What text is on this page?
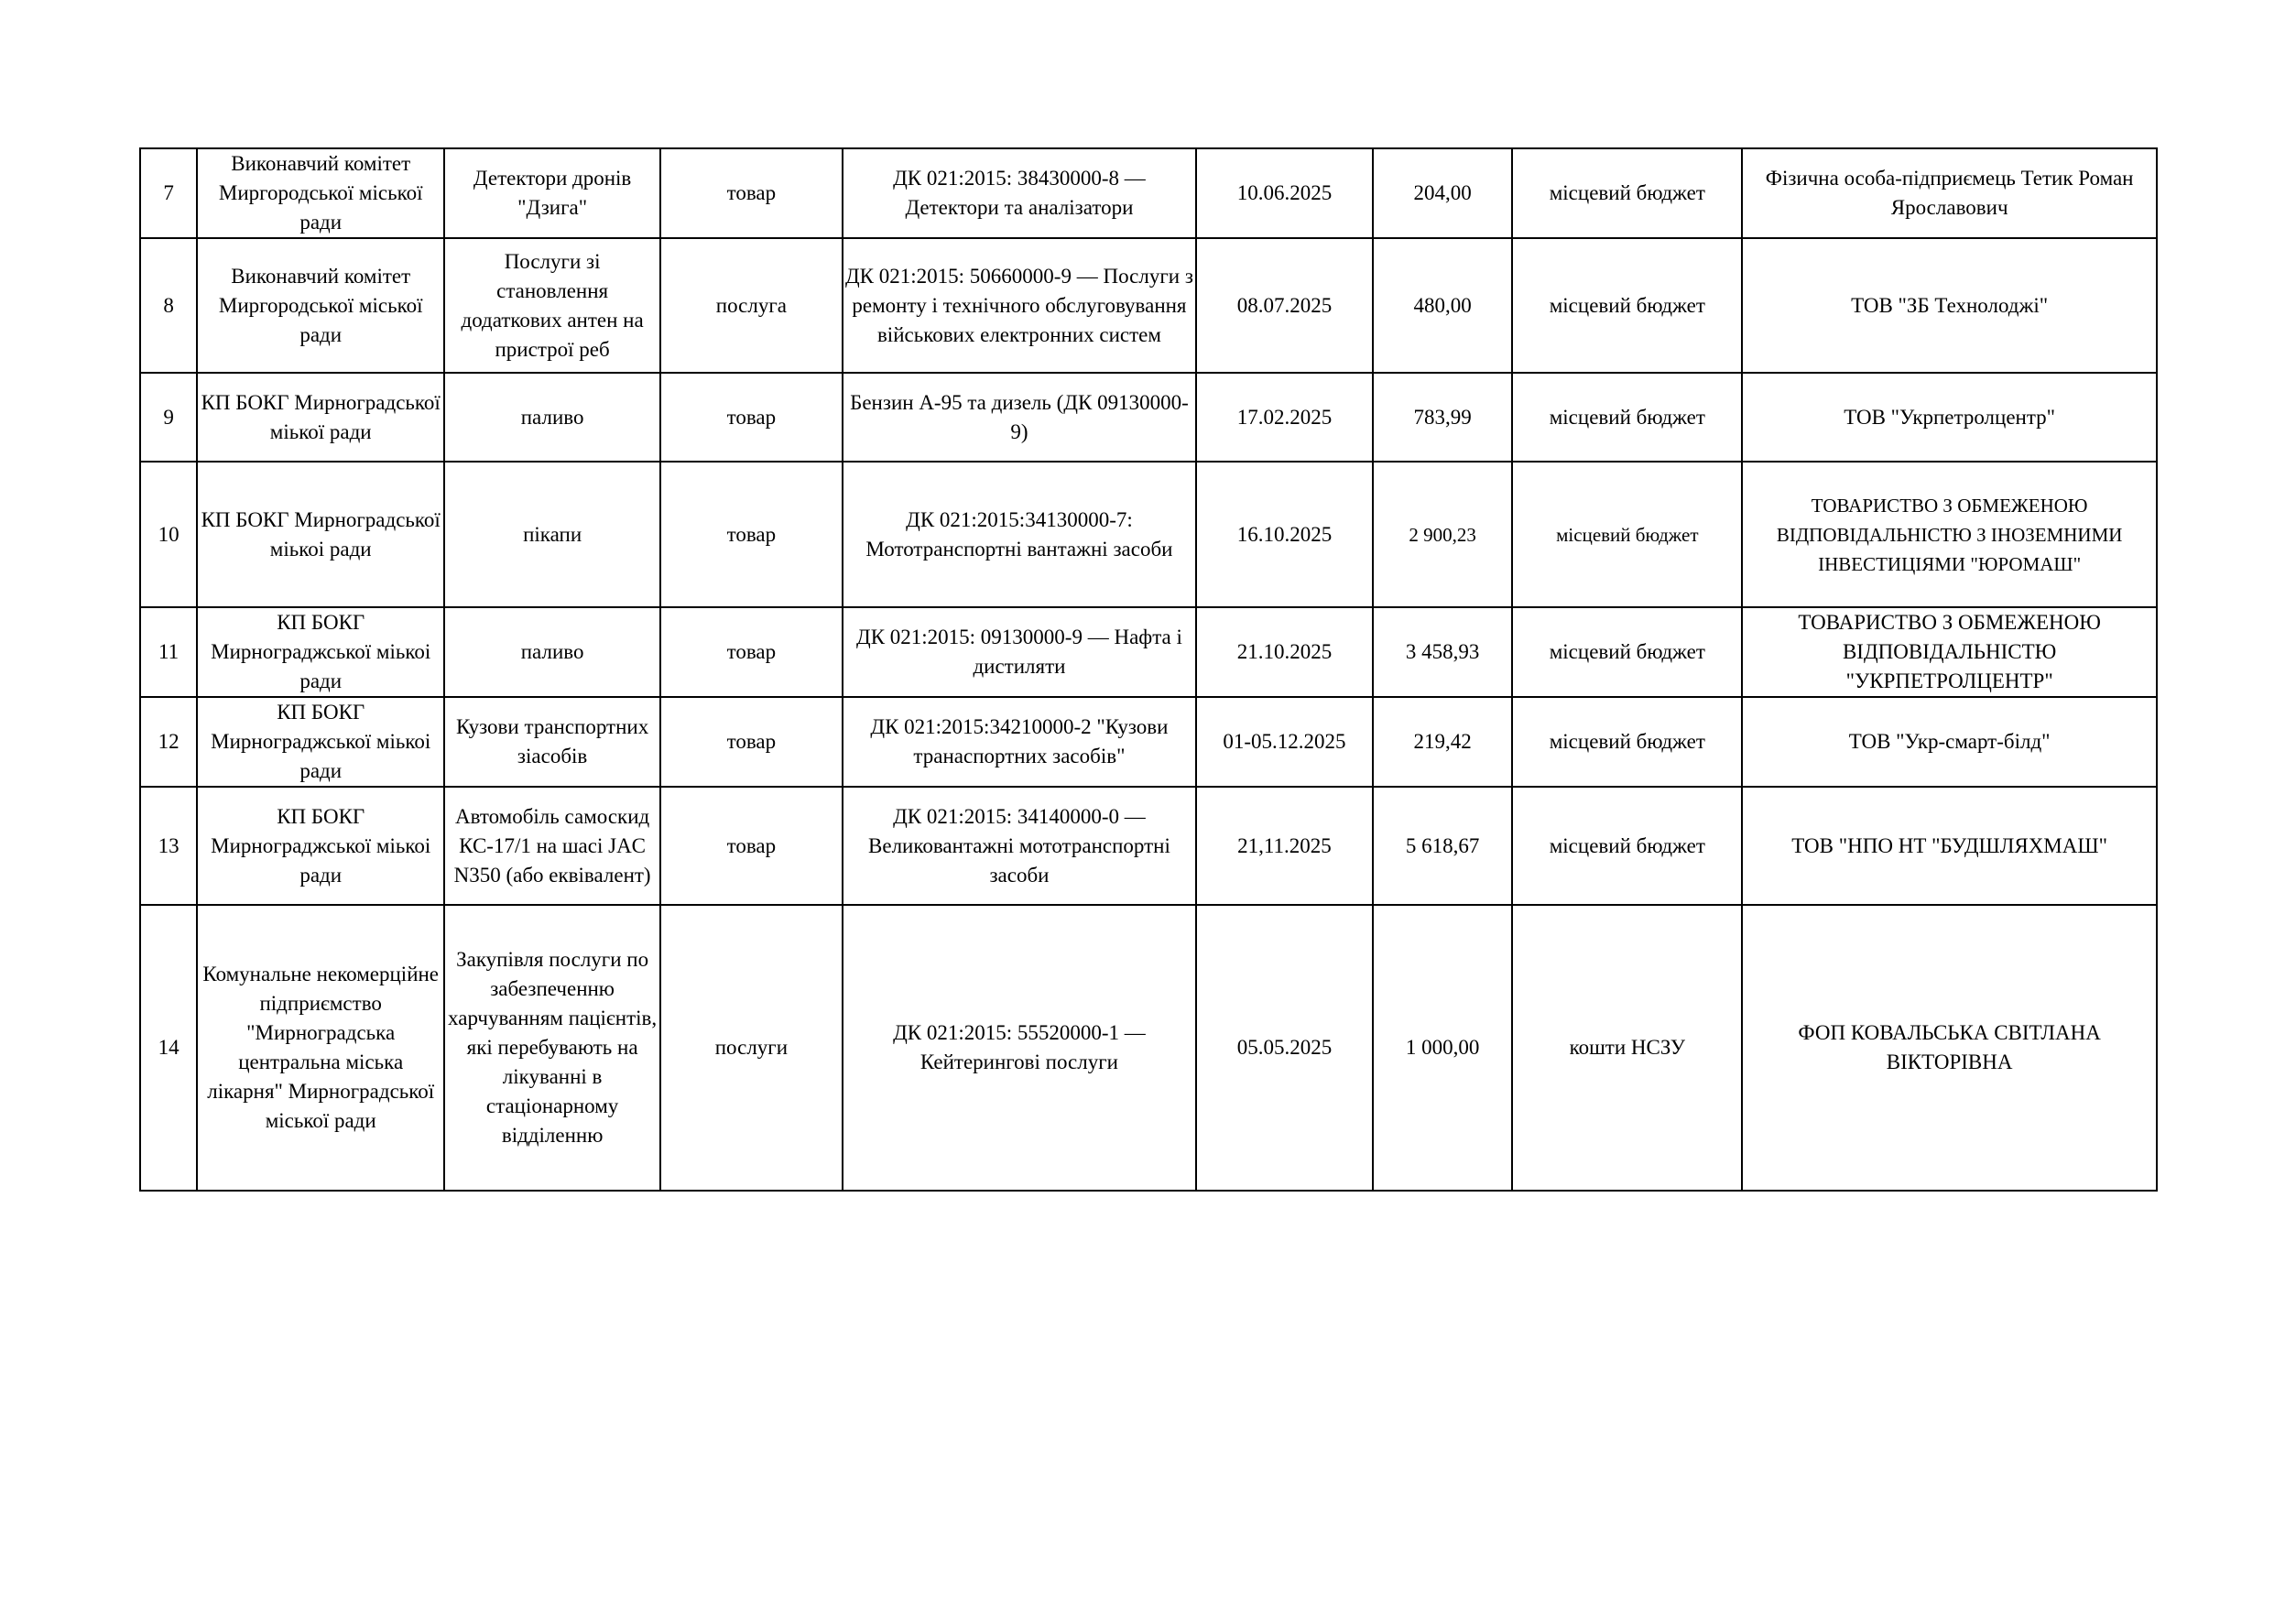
7	Виконавчий комітет Миргородської міської ради	Детектори дронів "Дзига"	товар	ДК 021:2015: 38430000-8 — Детектори та аналізатори	10.06.2025	204,00	місцевий бюджет	Фізична особа-підприємець Тетик Роман Ярославович
8	Виконавчий комітет Миргородської міської ради	Послуги зі становлення додаткових антен на пристрої реб	послуга	ДК 021:2015: 50660000-9 — Послуги з ремонту і технічного обслуговування військових електронних систем	08.07.2025	480,00	місцевий бюджет	ТОВ "ЗБ Технолоджі"
9	КП БОКГ Мирноградської міької ради	паливо	товар	Бензин А-95 та дизель (ДК 09130000-9)	17.02.2025	783,99	місцевий бюджет	ТОВ "Укрпетролцентр"
10	КП БОКГ Мирноградської міькоі ради	пікапи	товар	ДК 021:2015:34130000-7: Мототранспортні вантажні засоби	16.10.2025	2 900,23	місцевий бюджет	ТОВАРИСТВО З ОБМЕЖЕНОЮ ВІДПОВІДАЛЬНІСТЮ З ІНОЗЕМНИМИ ІНВЕСТИЦІЯМИ "ЮРОМАШ"
11	КП БОКГ Мирнограджської міькоі ради	паливо	товар	ДК 021:2015: 09130000-9 — Нафта і дистиляти	21.10.2025	3 458,93	місцевий бюджет	ТОВАРИСТВО З ОБМЕЖЕНОЮ ВІДПОВІДАЛЬНІСТЮ "УКРПЕТРОЛЦЕНТР"
12	КП БОКГ Мирнограджської міькоі ради	Кузови транспортних зіасобів	товар	ДК 021:2015:34210000-2 "Кузови транаспортних засобів"	01-05.12.2025	219,42	місцевий бюджет	ТОВ "Укр-смарт-білд"
13	КП БОКГ Мирнограджської міькоі ради	Автомобіль самоскид КС-17/1 на шасі JAC N350 (або еквівалент)	товар	ДК 021:2015: 34140000-0 — Великовантажні мототранспортні засоби	21,11.2025	5 618,67	місцевий бюджет	ТОВ "НПО НТ "БУДШЛЯХМАШ"
14	Комунальне некомерційне підприємство "Мирноградська центральна міська лікарня" Мирноградської міської ради	Закупівля послуги по забезпеченню харчуванням пацієнтів, які перебувають на лікуванні в стаціонарному відділенню	послуги	ДК 021:2015: 55520000-1 — Кейтерингові послуги	05.05.2025	1 000,00	кошти НСЗУ	ФОП КОВАЛЬСЬКА СВІТЛАНА ВІКТОРІВНА
